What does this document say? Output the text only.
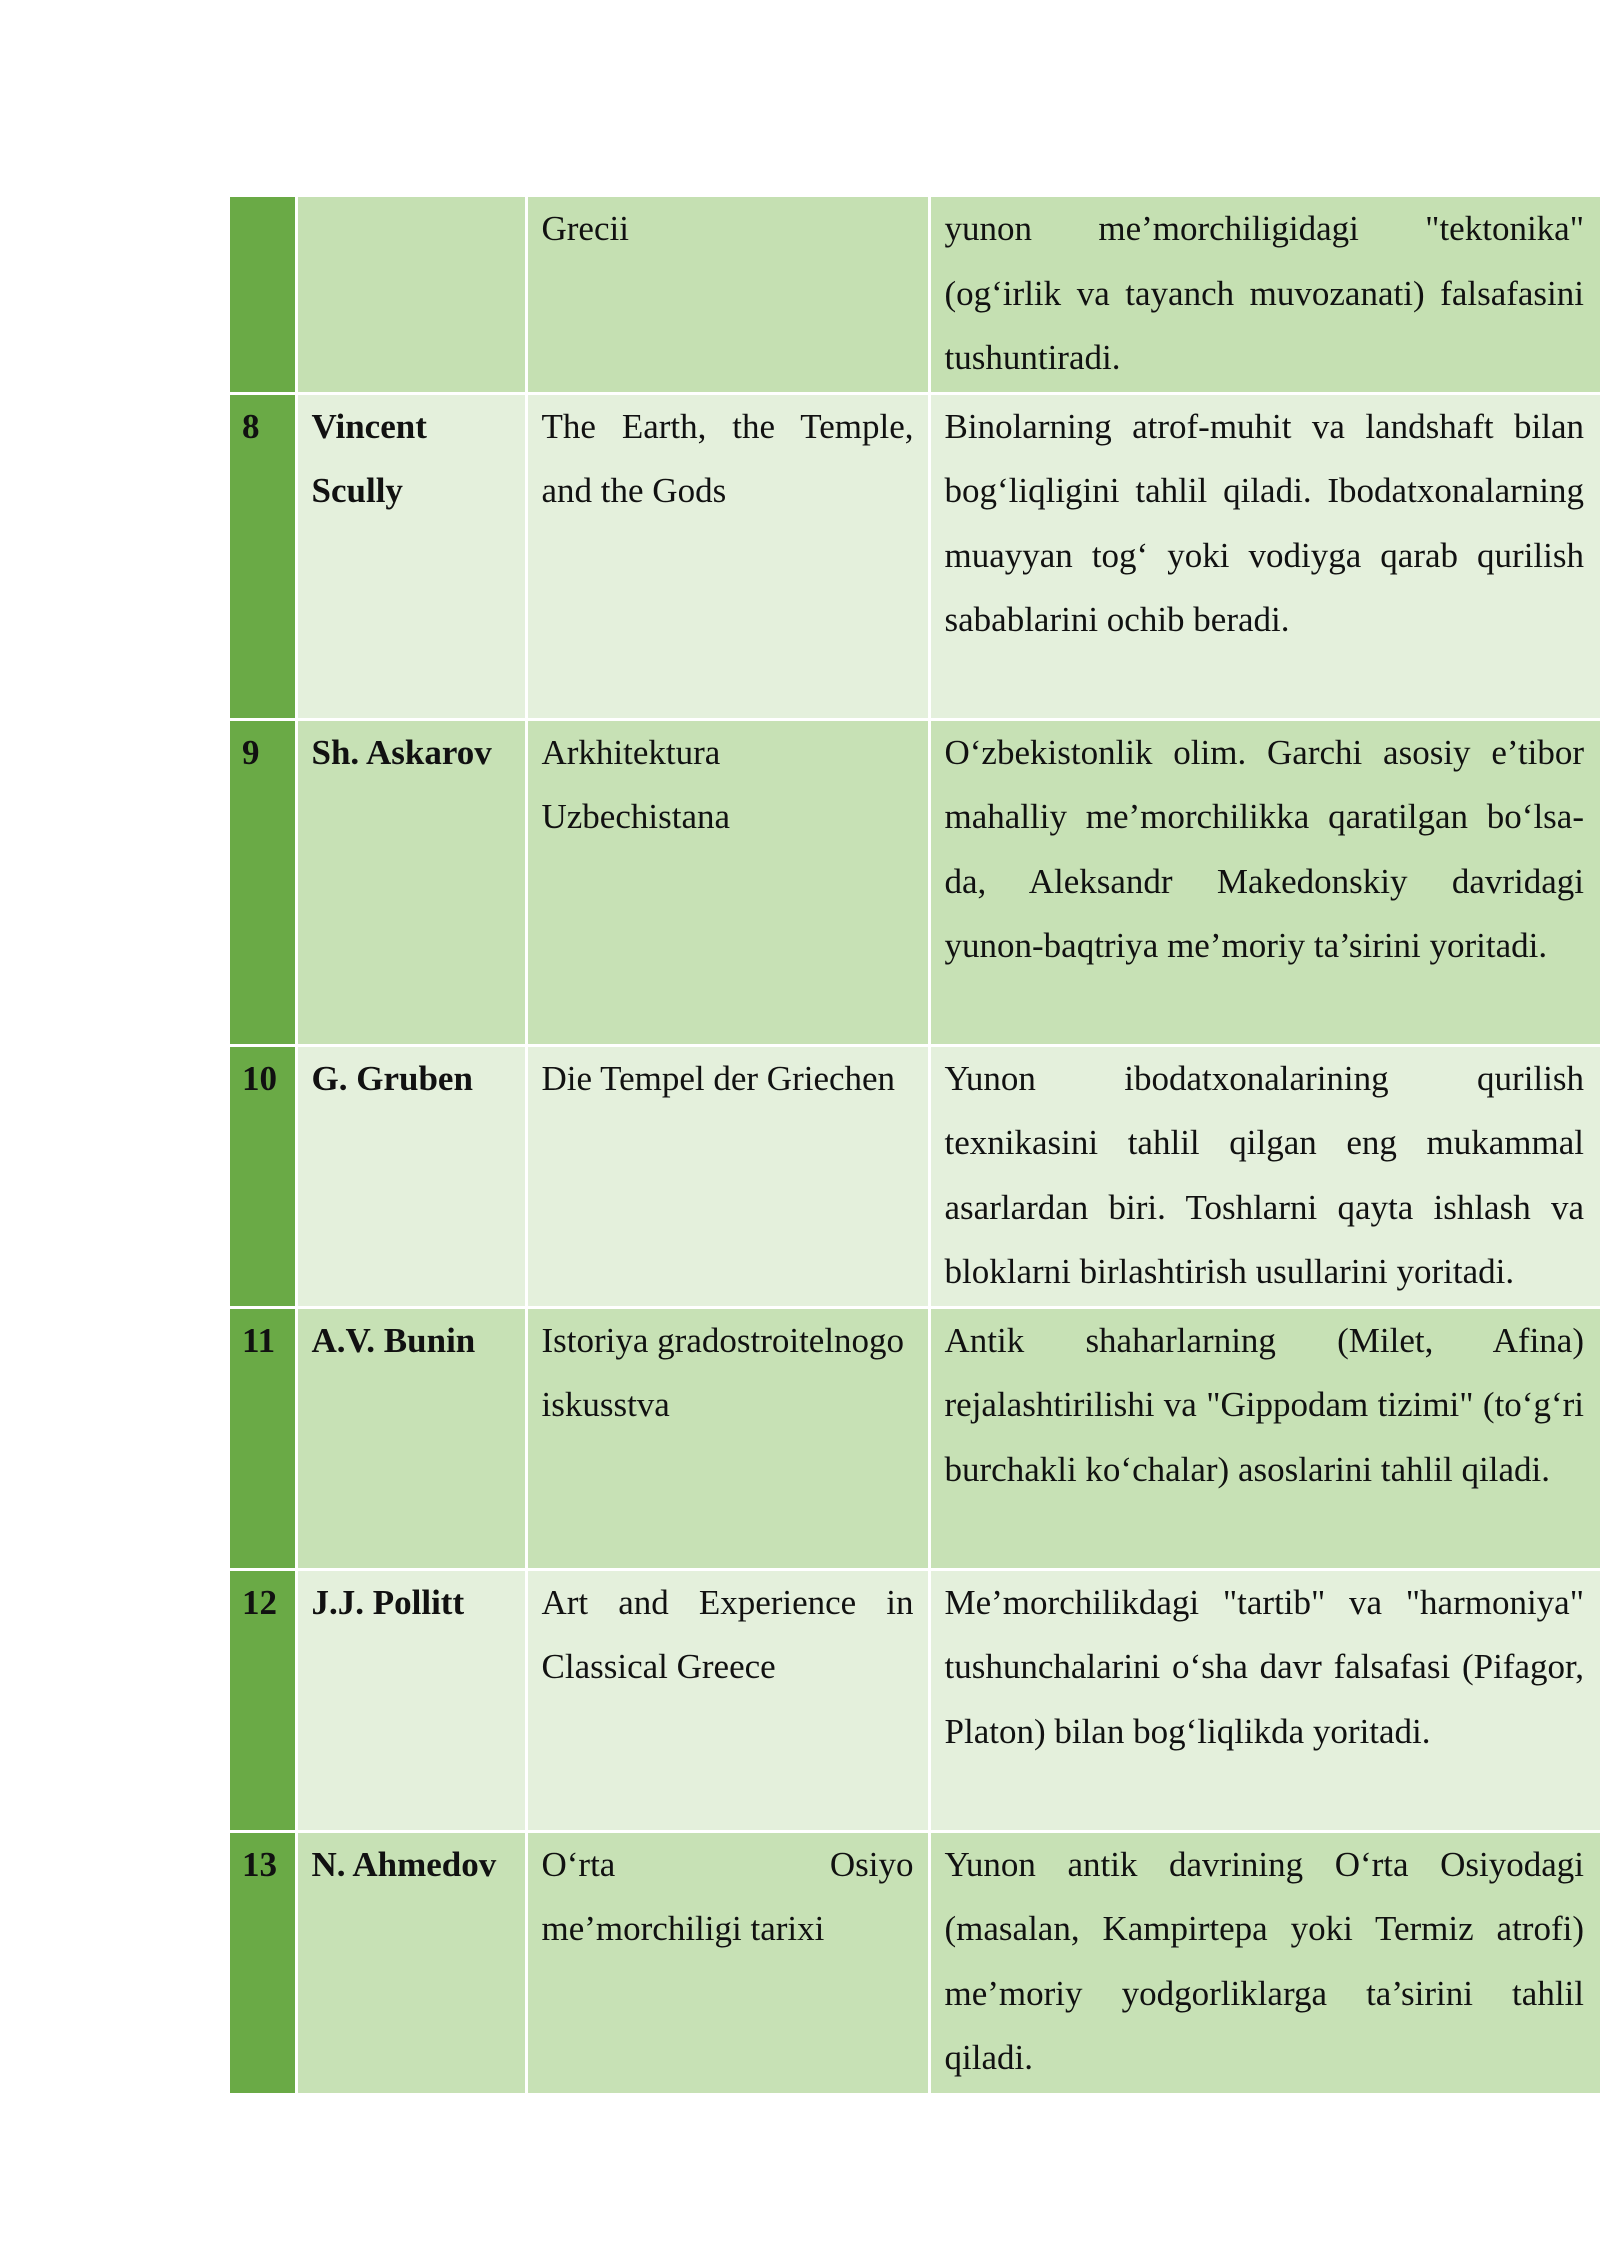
		Grecii	yunon me’morchiligidagi "tektonika" (og‘irlik va tayanch muvozanati) falsafasini tushuntiradi.
8	Vincent Scully	The Earth, the Temple, and the Gods	Binolarning atrof-muhit va landshaft bilan bog‘liqligini tahlil qiladi. Ibodatxonalarning muayyan tog‘ yoki vodiyga qarab qurilish sabablarini ochib beradi.
9	Sh. Askarov	Arkhitektura Uzbechistana	O‘zbekistonlik olim. Garchi asosiy e’tibor mahalliy me’morchilikka qaratilgan bo‘lsa-da, Aleksandr Makedonskiy davridagi yunon-baqtriya me’moriy ta’sirini yoritadi.
10	G. Gruben	Die Tempel der Griechen	Yunon ibodatxonalarining qurilish texnikasini tahlil qilgan eng mukammal asarlardan biri. Toshlarni qayta ishlash va bloklarni birlashtirish usullarini yoritadi.
11	A.V. Bunin	Istoriya gradostroitelnogo iskusstva	Antik shaharlarning (Milet, Afina) rejalashtirilishi va "Gippodam tizimi" (to‘g‘ri burchakli ko‘chalar) asoslarini tahlil qiladi.
12	J.J. Pollitt	Art and Experience in Classical Greece	Me’morchilikdagi "tartib" va "harmoniya" tushunchalarini o‘sha davr falsafasi (Pifagor, Platon) bilan bog‘liqlikda yoritadi.
13	N. Ahmedov	O‘rta Osiyo me’morchiligi tarixi	Yunon antik davrining O‘rta Osiyodagi (masalan, Kampirtepa yoki Termiz atrofi) me’moriy yodgorliklarga ta’sirini tahlil qiladi.
